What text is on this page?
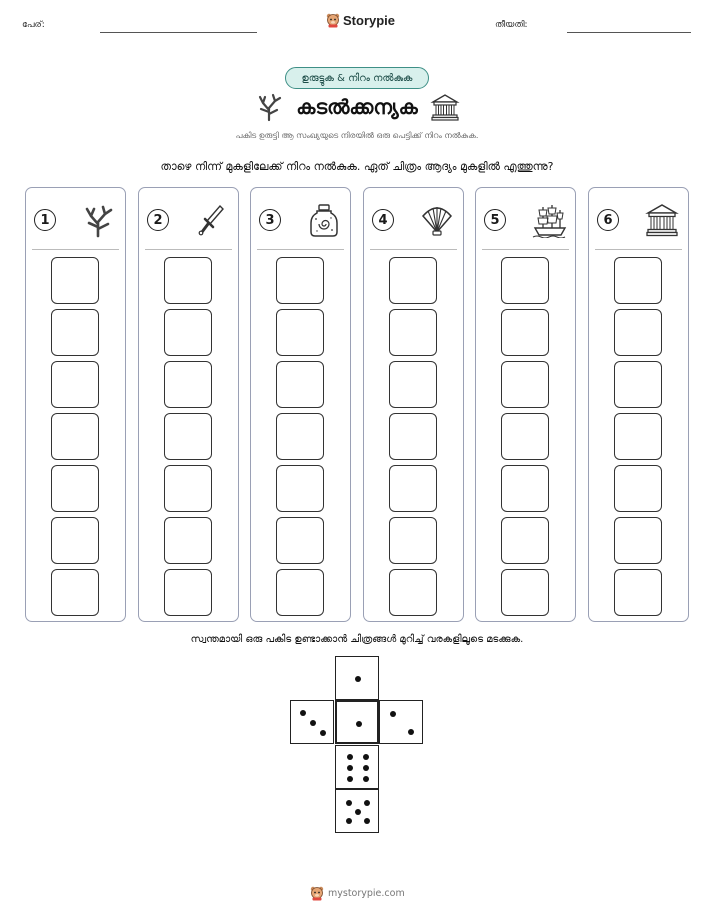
പേര്:	Storypie	തീയതി:
ഉരുട്ടുക & നിറം നൽകുക
കടൽക്കന്യക
പകിട ഉരുട്ടി ആ സംഖ്യയുടെ നിരയിൽ ഒരു പെട്ടിക്ക് നിറം നൽകുക.
താഴെ നിന്ന് മുകളിലേക്ക് നിറം നൽകുക. ഏത് ചിത്രം ആദ്യം മുകളിൽ എത്തുന്നു?
1	2	3	4	5	6
സ്വന്തമായി ഒരു പകിട ഉണ്ടാക്കാൻ ചിത്രങ്ങൾ മുറിച്ച് വരകളിലൂടെ മടക്കുക.
mystorypie.com
